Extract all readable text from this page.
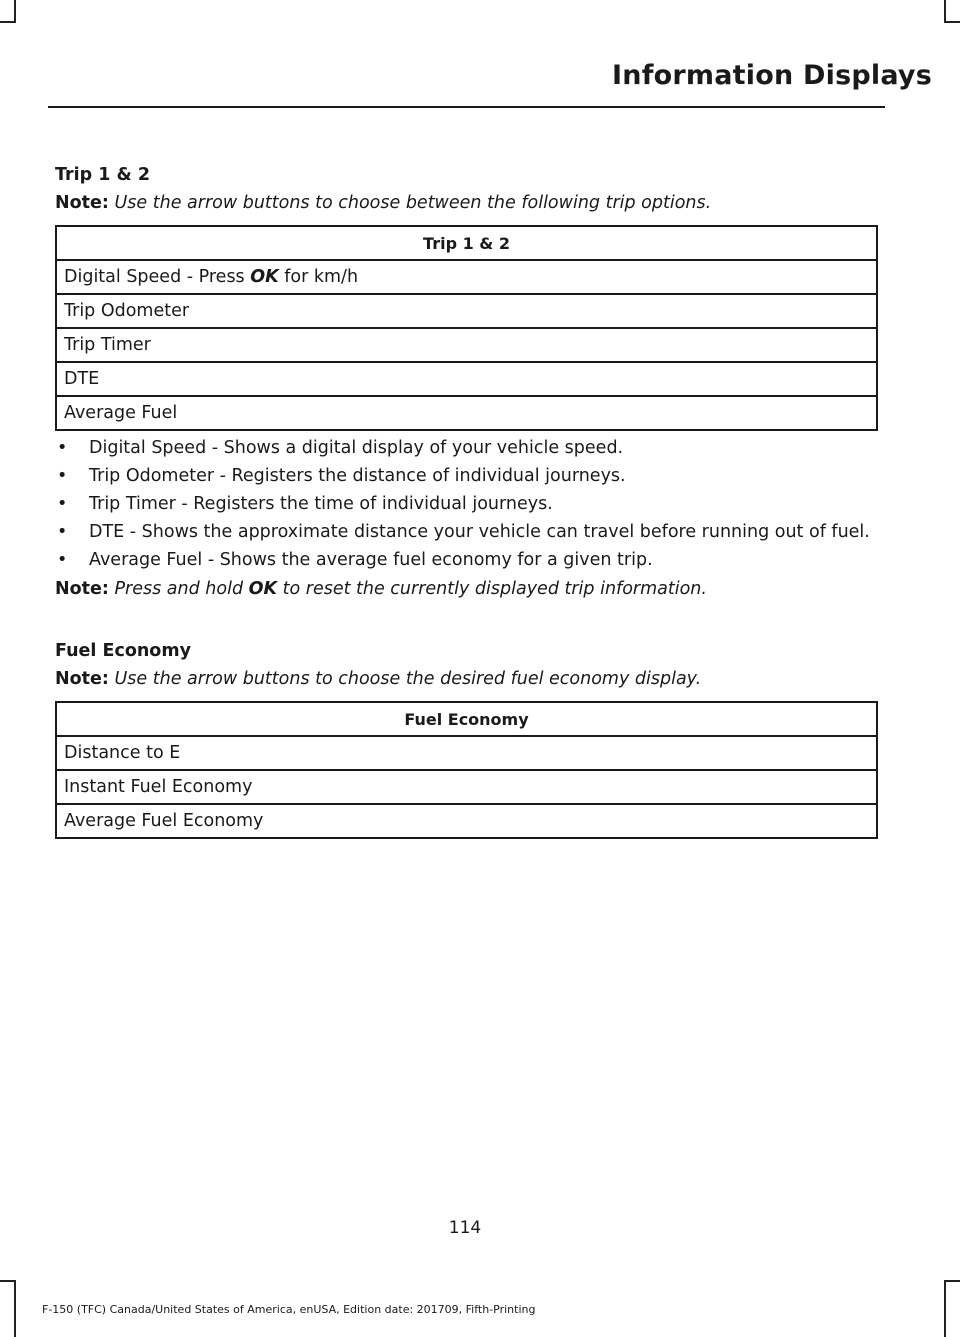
Information Displays
Trip 1 & 2

Note: Use the arrow buttons to choose between the following trip options.

Trip 1 & 2
Digital Speed - Press OK for km/h
Trip Odometer
Trip Timer
DTE
Average Fuel
• Digital Speed - Shows a digital display of your vehicle speed.
• Trip Odometer - Registers the distance of individual journeys.
• Trip Timer - Registers the time of individual journeys.
• DTE - Shows the approximate distance your vehicle can travel before running out of fuel.
• Average Fuel - Shows the average fuel economy for a given trip.

Note: Press and hold OK to reset the currently displayed trip information.

Fuel Economy

Note: Use the arrow buttons to choose the desired fuel economy display.

Fuel Economy
Distance to E
Instant Fuel Economy
Average Fuel Economy
114
F-150 (TFC) Canada/United States of America, enUSA, Edition date: 201709, Fifth-Printing
